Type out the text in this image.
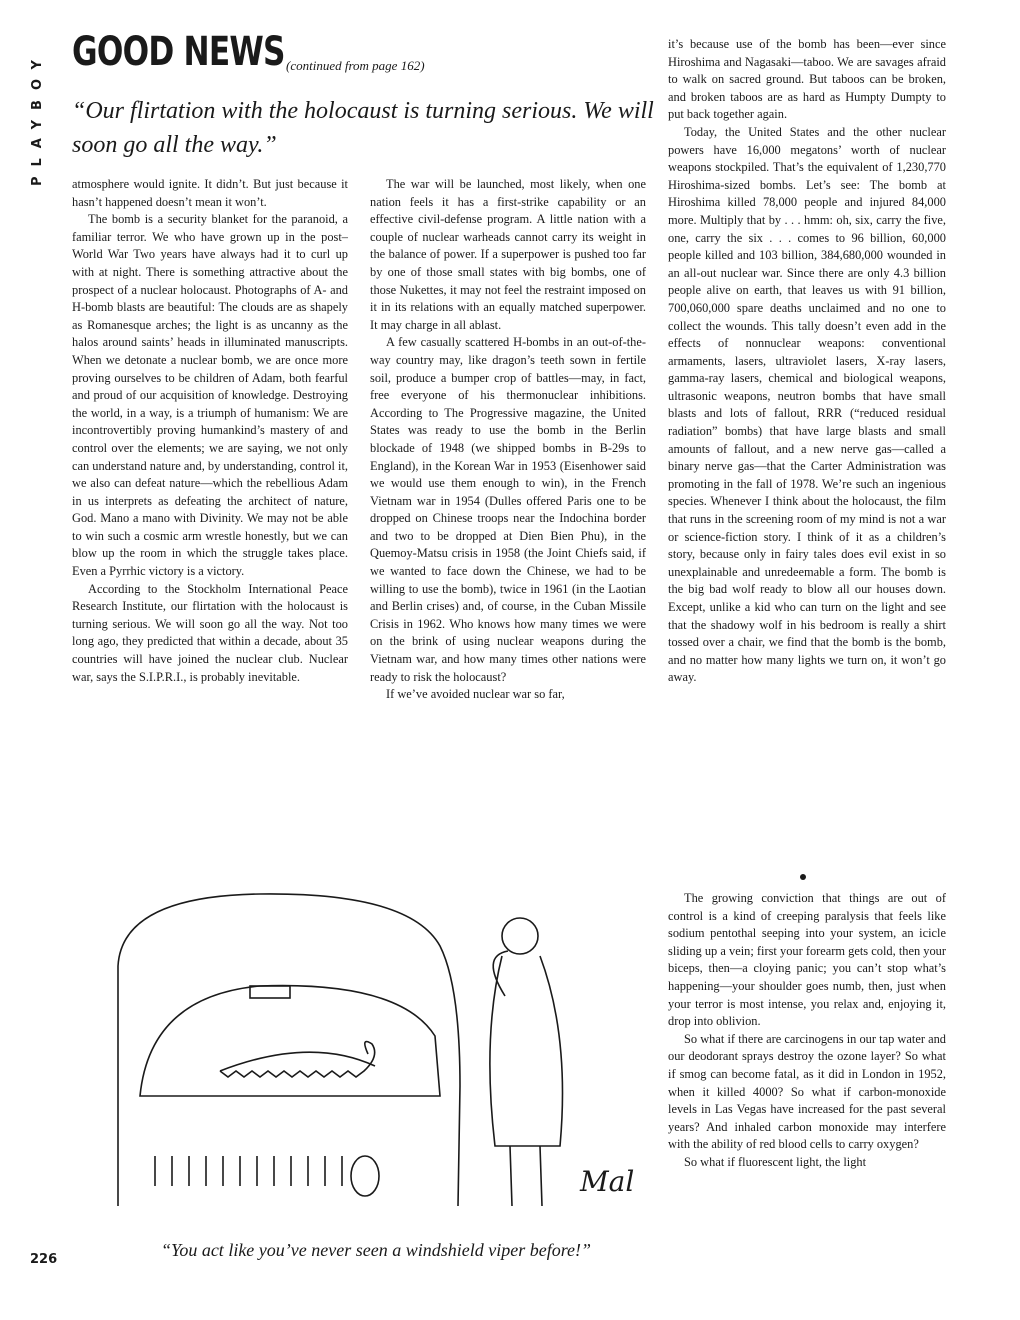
PLAYBOY GOOD NEWS (continued from page 162)
“Our flirtation with the holocaust is turning serious. We will soon go all the way.”

atmosphere would ignite. It didn’t. But just because it hasn’t happened doesn’t mean it won’t.

The bomb is a security blanket for the paranoid, a familiar terror. We who have grown up in the post–World War Two years have always had it to curl up with at night. There is something attractive about the prospect of a nuclear holocaust. Photographs of A- and H-bomb blasts are beautiful: The clouds are as shapely as Romanesque arches; the light is as uncanny as the halos around saints’ heads in illuminated manuscripts. When we detonate a nuclear bomb, we are once more proving ourselves to be children of Adam, both fearful and proud of our acquisition of knowledge. Destroying the world, in a way, is a triumph of humanism: We are incontrovertibly proving humankind’s mastery of and control over the elements; we are saying, we not only can understand nature and, by understanding, control it, we also can defeat nature—which the rebellious Adam in us interprets as defeating the architect of nature, God. Mano a mano with Divinity. We may not be able to win such a cosmic arm wrestle honestly, but we can blow up the room in which the struggle takes place. Even a Pyrrhic victory is a victory.

According to the Stockholm International Peace Research Institute, our flirtation with the holocaust is turning serious. We will soon go all the way. Not too long ago, they predicted that within a decade, about 35 countries will have joined the nuclear club. Nuclear war, says the S.I.P.R.I., is probably inevitable.

The war will be launched, most likely, when one nation feels it has a first-strike capability or an effective civil-defense program. A little nation with a couple of nuclear warheads cannot carry its weight in the balance of power. If a superpower is pushed too far by one of those small states with big bombs, one of those Nukettes, it may not feel the restraint imposed on it in its relations with an equally matched superpower. It may charge in all ablast.

A few casually scattered H-bombs in an out-of-the-way country may, like dragon’s teeth sown in fertile soil, produce a bumper crop of battles—may, in fact, free everyone of his thermonuclear inhibitions. According to The Progressive magazine, the United States was ready to use the bomb in the Berlin blockade of 1948 (we shipped bombs in B-29s to England), in the Korean War in 1953 (Eisenhower said we would use them enough to win), in the French Vietnam war in 1954 (Dulles offered Paris one to be dropped on Chinese troops near the Indochina border and two to be dropped at Dien Bien Phu), in the Quemoy-Matsu crisis in 1958 (the Joint Chiefs said, if we wanted to face down the Chinese, we had to be willing to use the bomb), twice in 1961 (in the Laotian and Berlin crises) and, of course, in the Cuban Missile Crisis in 1962. Who knows how many times we were on the brink of using nuclear weapons during the Vietnam war, and how many times other nations were ready to risk the holocaust?

If we’ve avoided nuclear war so far,

it’s because use of the bomb has been—ever since Hiroshima and Nagasaki—taboo. We are savages afraid to walk on sacred ground. But taboos can be broken, and broken taboos are as hard as Humpty Dumpty to put back together again.

Today, the United States and the other nuclear powers have 16,000 megatons’ worth of nuclear weapons stockpiled. That’s the equivalent of 1,230,770 Hiroshima-sized bombs. Let’s see: The bomb at Hiroshima killed 78,000 people and injured 84,000 more. Multiply that by . . . hmm: oh, six, carry the five, one, carry the six . . . comes to 96 billion, 60,000 people killed and 103 billion, 384,680,000 wounded in an all-out nuclear war. Since there are only 4.3 billion people alive on earth, that leaves us with 91 billion, 700,060,000 spare deaths unclaimed and no one to collect the wounds. This tally doesn’t even add in the effects of nonnuclear weapons: conventional armaments, lasers, ultraviolet lasers, X-ray lasers, gamma-ray lasers, chemical and biological weapons, ultrasonic weapons, neutron bombs that have small blasts and lots of fallout, RRR (“reduced residual radiation” bombs) that have large blasts and small amounts of fallout, and a new nerve gas—called a binary nerve gas—that the Carter Administration was promoting in the fall of 1978. We’re such an ingenious species. Whenever I think about the holocaust, the film that runs in the screening room of my mind is not a war or science-fiction story. I think of it as a children’s story, because only in fairy tales does evil exist in so unexplainable and unredeemable a form. The bomb is the big bad wolf ready to blow all our houses down. Except, unlike a kid who can turn on the light and see that the shadowy wolf in his bedroom is really a shirt tossed over a chair, we find that the bomb is the bomb, and no matter how many lights we turn on, it won’t go away.

The growing conviction that things are out of control is a kind of creeping paralysis that feels like sodium pentothal seeping into your system, an icicle sliding up a vein; first your forearm gets cold, then your biceps, then—a cloying panic; you can’t stop what’s happening—your shoulder goes numb, then, just when your terror is most intense, you relax and, enjoying it, drop into oblivion.

So what if there are carcinogens in our tap water and our deodorant sprays destroy the ozone layer? So what if smog can become fatal, as it did in London in 1952, when it killed 4000? So what if carbon-monoxide levels in Las Vegas have increased for the past several years? And inhaled carbon monoxide may interfere with the ability of red blood cells to carry oxygen?

So what if fluorescent light, the light

Mal
“You act like you’ve never seen a windshield viper before!”
226
